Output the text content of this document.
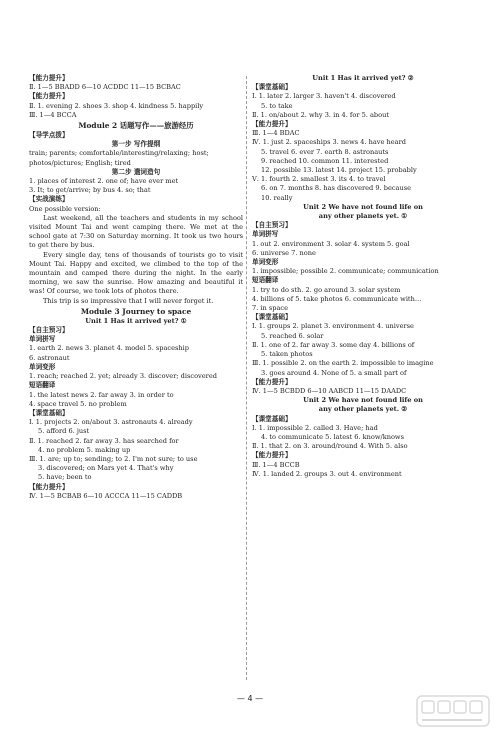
【能力提升】
Ⅱ. 1—5 BBADD 6—10 ACDDC 11—15 BCBAC
【能力提升】
Ⅱ. 1. evening 2. shoes 3. shop 4. kindness 5. happily
Ⅲ. 1—4 BCCA
Module 2 话题写作——旅游经历
【导学点拨】
第一步 写作提纲
train; parents; comfortable/interesting/relaxing; host;
photos/pictures; English; tired
第二步 遣词造句
1. places of interest 2. one of; have ever met
3. It; to get/arrive; by bus 4. so; that
【实战演练】
One possible version:
Last weekend, all the teachers and students in my school visited Mount Tai and went camping there. We met at the school gate at 7:30 on Saturday morning. It took us two hours to get there by bus.
Every single day, tens of thousands of tourists go to visit Mount Tai. Happy and excited, we climbed to the top of the mountain and camped there during the night. In the early morning, we saw the sunrise. How amazing and beautiful it was! Of course, we took lots of photos there.
This trip is so impressive that I will never forget it.
Module 3 Journey to space
Unit 1 Has it arrived yet? ①
【自主预习】
单词拼写
1. earth 2. news 3. planet 4. model 5. spaceship
6. astronaut
单词变形
1. reach; reached 2. yet; already 3. discover; discovered
短语翻译
1. the latest news 2. far away 3. in order to
4. space travel 5. no problem
【课堂基础】
Ⅰ. 1. projects 2. on/about 3. astronauts 4. already
5. afford 6. just
Ⅱ. 1. reached 2. far away 3. has searched for
4. no problem 5. making up
Ⅲ. 1. are; up to; sending; to 2. I'm not sure; to use
3. discovered; on Mars yet 4. That's why
5. have; been to
【能力提升】
Ⅳ. 1—5 BCBAB 6—10 ACCCA 11—15 CADDB
Unit 1 Has it arrived yet? ②
【课堂基础】
Ⅰ. 1. later 2. larger 3. haven't 4. discovered
5. to take
Ⅱ. 1. on/about 2. why 3. in 4. for 5. about
【能力提升】
Ⅲ. 1—4 BDAC
Ⅳ. 1. just 2. spaceships 3. news 4. have heard
5. travel 6. ever 7. earth 8. astronauts
9. reached 10. common 11. interested
12. possible 13. latest 14. project 15. probably
Ⅴ. 1. fourth 2. smallest 3. its 4. to travel
6. on 7. months 8. has discovered 9. because
10. really
Unit 2 We have not found life on
any other planets yet. ①
【自主预习】
单词拼写
1. out 2. environment 3. solar 4. system 5. goal
6. universe 7. none
单词变形
1. impossible; possible 2. communicate; communication
短语翻译
1. try to do sth. 2. go around 3. solar system
4. billions of 5. take photos 6. communicate with…
7. in space
【课堂基础】
Ⅰ. 1. groups 2. planet 3. environment 4. universe
5. reached 6. solar
Ⅱ. 1. one of 2. far away 3. some day 4. billions of
5. taken photos
Ⅲ. 1. possible 2. on the earth 2. impossible to imagine
3. goes around 4. None of 5. a small part of
【能力提升】
Ⅳ. 1—5 BCBDD 6—10 AABCD 11—15 DAADC
Unit 2 We have not found life on
any other planets yet. ②
【课堂基础】
Ⅰ. 1. impossible 2. called 3. Have; had
4. to communicate 5. latest 6. know/knows
Ⅱ. 1. that 2. on 3. around/round 4. With 5. also
【能力提升】
Ⅲ. 1—4 BCCB
Ⅳ. 1. landed 2. groups 3. out 4. environment
— 4 —
